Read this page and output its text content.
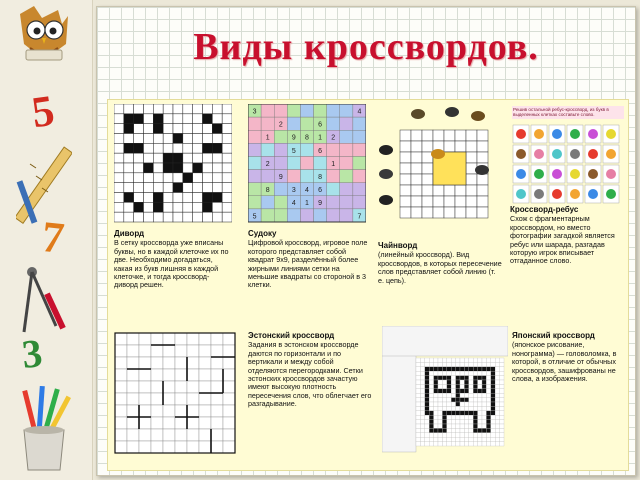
5
7
3
Виды кроссвордов.
Диворд
В сетку кроссворда уже вписаны буквы, но в каждой клеточке их по две. Необходимо догадаться, какая из букв лишняя в каждой клеточке, и тогда кроссворд-диворд решен.
3	4
2	6
1
1	9 8	2
5	6
2	1
9	8
8	3 4 6
4 1 9
5	7
Судоку
Цифровой кроссворд, игровое поле которого представляет собой квадрат 9х9, разделённый более жирными линиями сетки на меньшие квадраты со стороной в 3 клетки.
Чайнворд
(линейный кроссворд). Вид кроссвордов, в которых пересечение слов представляет собой линию (т. е. цепь).
Решив остальной ребус-кроссворд, из букв в выделенных клетках составьте слово.
Кроссворд-ребус
Схож с фрагментарным кроссвордом, но вместо фотографии загадкой является ребус или шарада, разгадав которую игрок вписывает отгаданное слово.
Эстонский кроссворд
Задания в эстонском кроссворде даются по горизонтали и по вертикали и между собой отделяются перегородками. Сетки эстонских кроссвордов зачастую имеют высокую плотность пересечения слов, что облегчает его разгадывание.
Японский кроссворд
(японское рисование, нонограмма) — головоломка, в которой, в отличие от обычных кроссвордов, зашифрованы не слова, а изображения.
